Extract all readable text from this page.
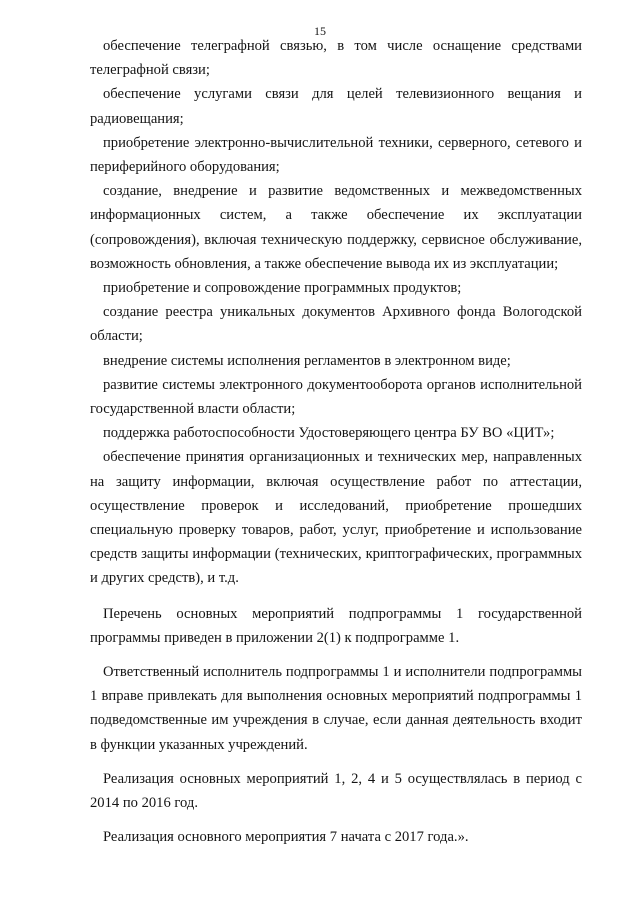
15

обеспечение телеграфной связью, в том числе оснащение средствами телеграфной связи;

обеспечение услугами связи для целей телевизионного вещания и радиовещания;

приобретение электронно-вычислительной техники, серверного, сетевого и периферийного оборудования;

создание, внедрение и развитие ведомственных и межведомственных информационных систем, а также обеспечение их эксплуатации (сопровождения), включая техническую поддержку, сервисное обслуживание, возможность обновления, а также обеспечение вывода их из эксплуатации;

приобретение и сопровождение программных продуктов;

создание реестра уникальных документов Архивного фонда Вологодской области;

внедрение системы исполнения регламентов в электронном виде;

развитие системы электронного документооборота органов исполнительной государственной власти области;

поддержка работоспособности Удостоверяющего центра БУ ВО «ЦИТ»;

обеспечение принятия организационных и технических мер, направленных на защиту информации, включая осуществление работ по аттестации, осуществление проверок и исследований, приобретение прошедших специальную проверку товаров, работ, услуг, приобретение и использование средств защиты информации (технических, криптографических, программных и других средств), и т.д.

Перечень основных мероприятий подпрограммы 1 государственной программы приведен в приложении 2(1) к подпрограмме 1.

Ответственный исполнитель подпрограммы 1 и исполнители подпрограммы 1 вправе привлекать для выполнения основных мероприятий подпрограммы 1 подведомственные им учреждения в случае, если данная деятельность входит в функции указанных учреждений.

Реализация основных мероприятий 1, 2, 4 и 5 осуществлялась в период с 2014 по 2016 год.

Реализация основного мероприятия 7 начата с 2017 года.».
